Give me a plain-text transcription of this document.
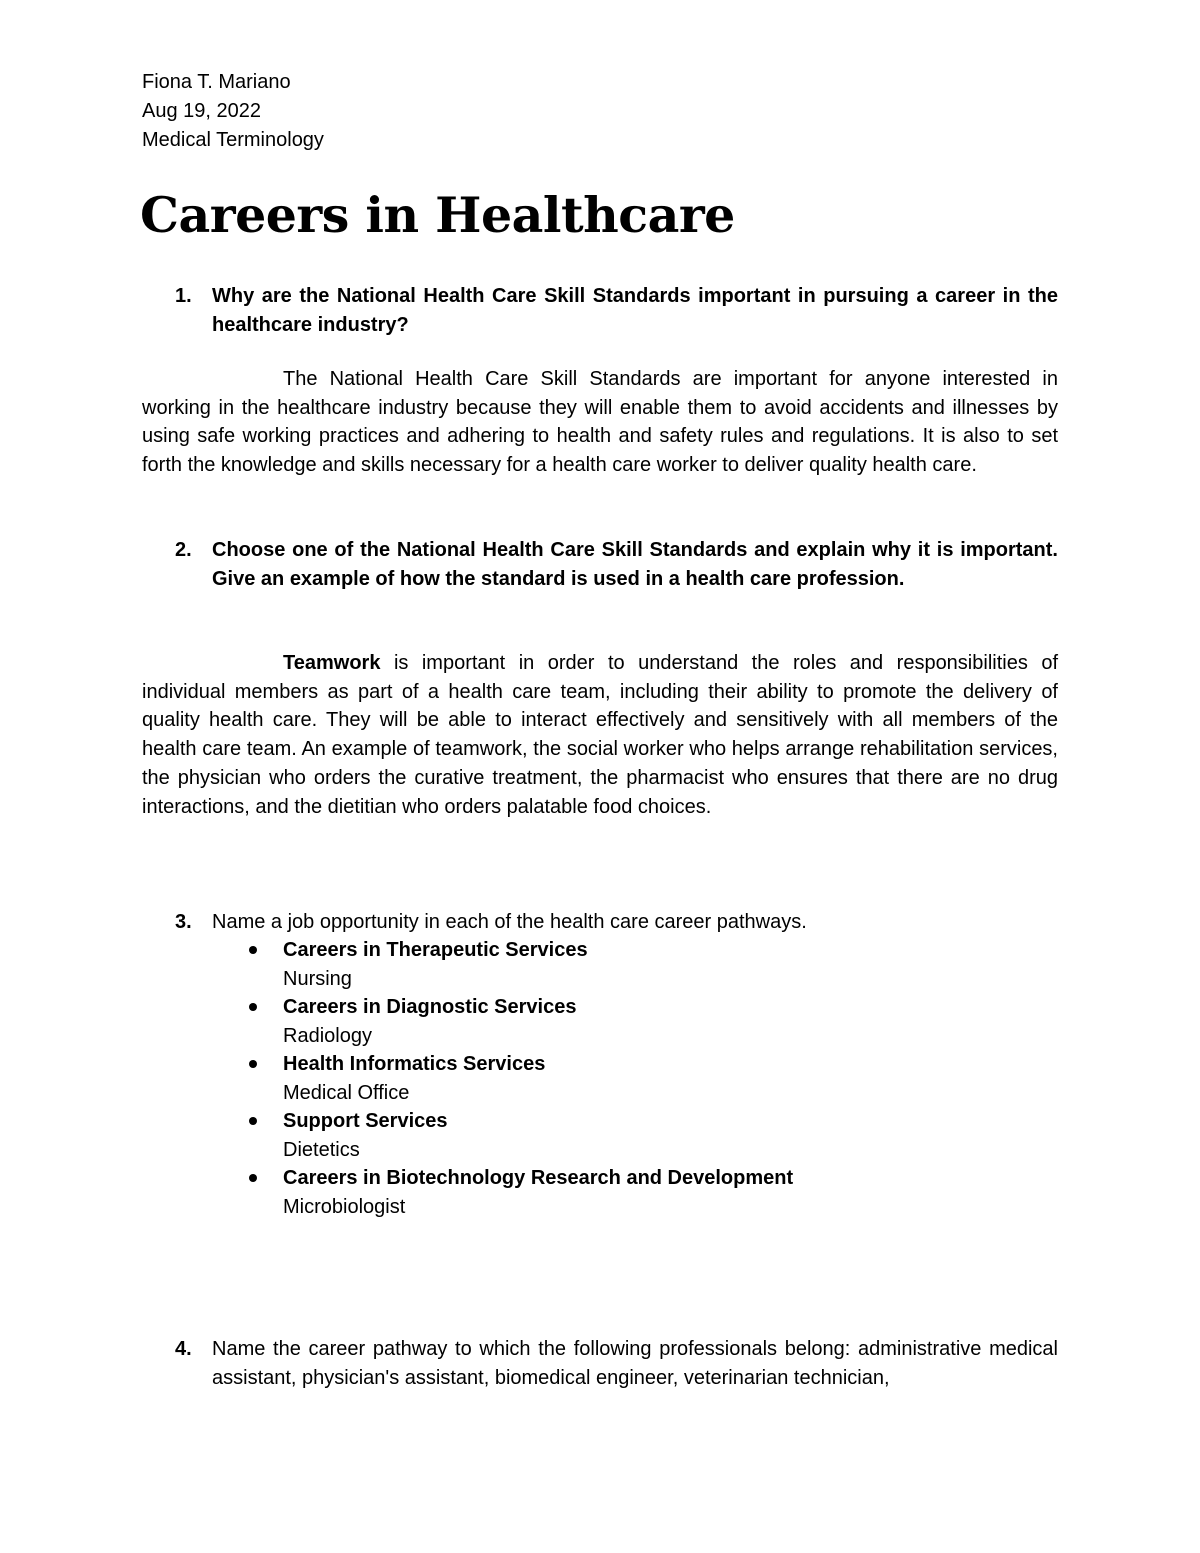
Fiona T. Mariano
Aug 19, 2022
Medical Terminology
Careers in Healthcare
1. Why are the National Health Care Skill Standards important in pursuing a career in the healthcare industry?
The National Health Care Skill Standards are important for anyone interested in working in the healthcare industry because they will enable them to avoid accidents and illnesses by using safe working practices and adhering to health and safety rules and regulations. It is also to set forth the knowledge and skills necessary for a health care worker to deliver quality health care.
2. Choose one of the National Health Care Skill Standards and explain why it is important. Give an example of how the standard is used in a health care profession.
Teamwork is important in order to understand the roles and responsibilities of individual members as part of a health care team, including their ability to promote the delivery of quality health care. They will be able to interact effectively and sensitively with all members of the health care team. An example of teamwork, the social worker who helps arrange rehabilitation services, the physician who orders the curative treatment, the pharmacist who ensures that there are no drug interactions, and the dietitian who orders palatable food choices.
3. Name a job opportunity in each of the health care career pathways.
Careers in Therapeutic Services
Nursing
Careers in Diagnostic Services
Radiology
Health Informatics Services
Medical Office
Support Services
Dietetics
Careers in Biotechnology Research and Development
Microbiologist
4. Name the career pathway to which the following professionals belong: administrative medical assistant, physician's assistant, biomedical engineer, veterinarian technician,
